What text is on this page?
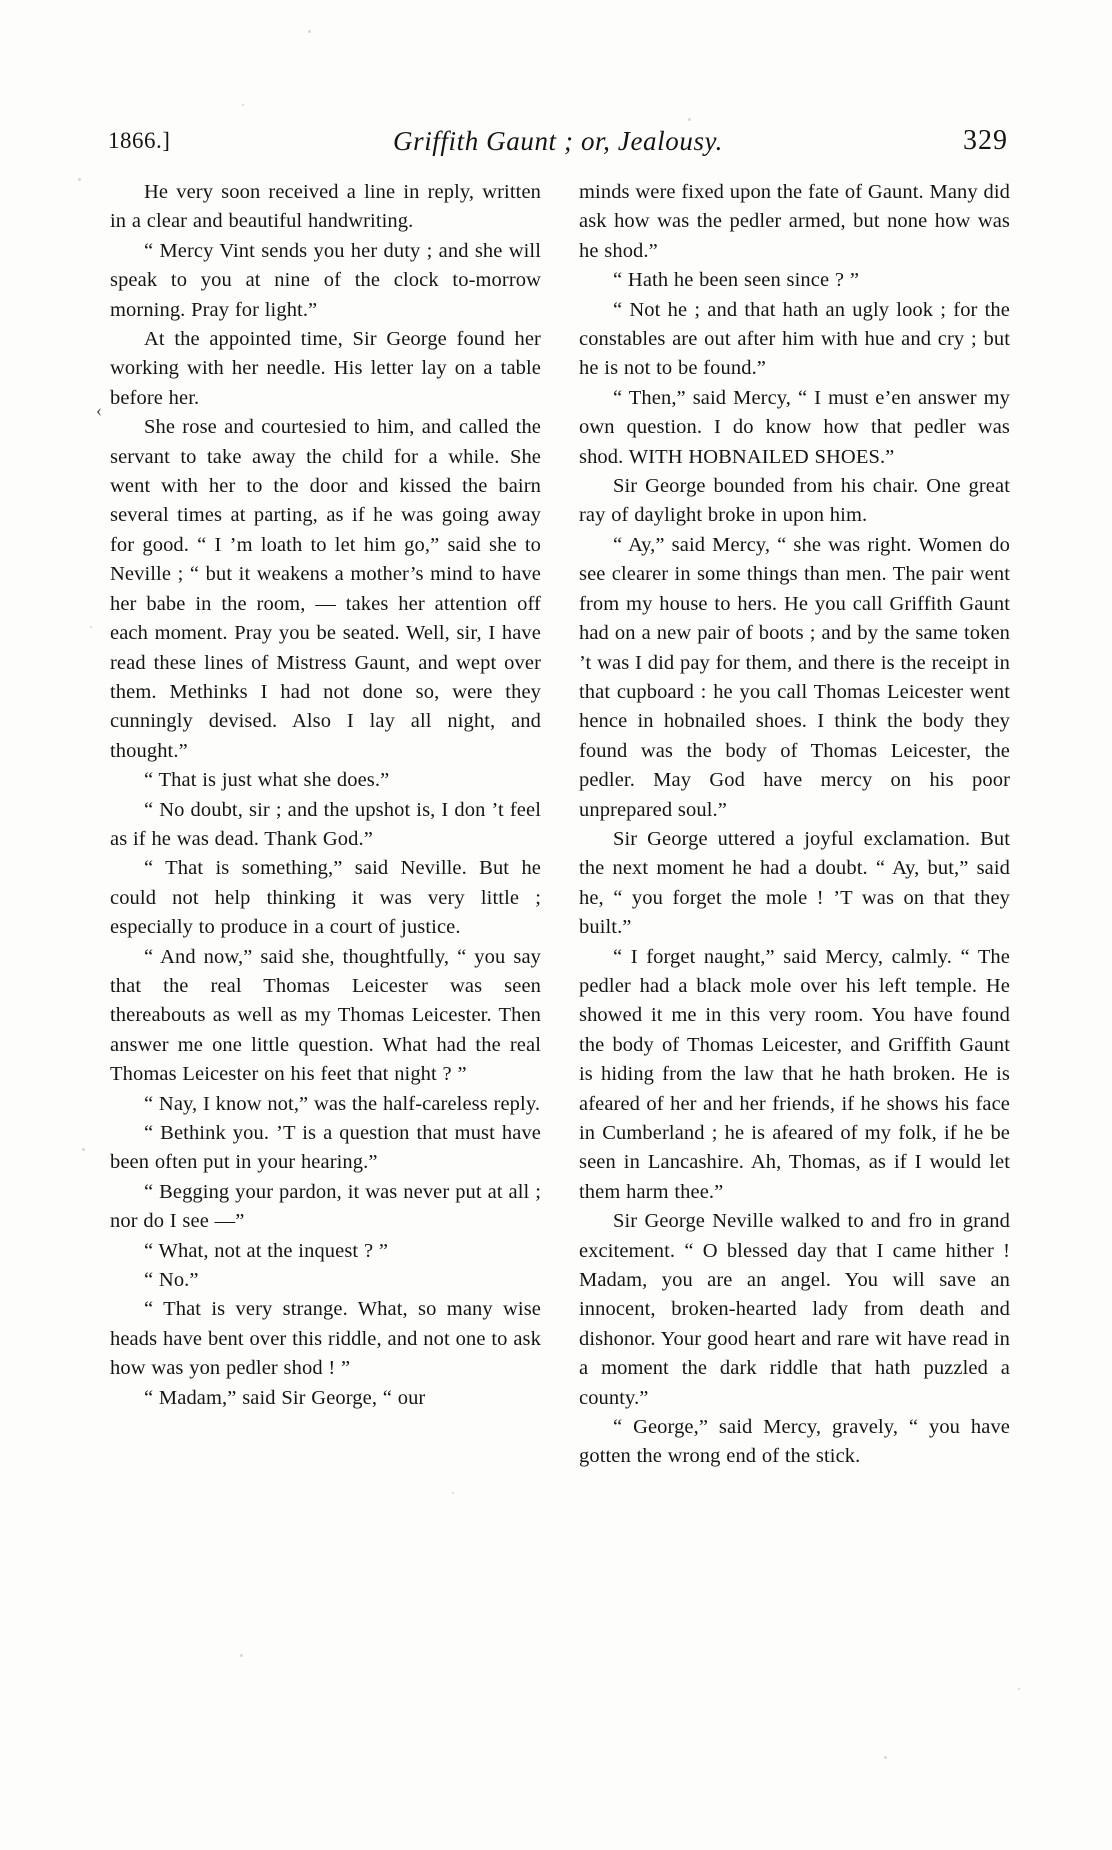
1866.]	Griffith Gaunt ; or, Jealousy.	329
‹

He very soon received a line in reply, written in a clear and beautiful handwriting.

“ Mercy Vint sends you her duty ; and she will speak to you at nine of the clock to-morrow morning. Pray for light.”

At the appointed time, Sir George found her working with her needle. His letter lay on a table before her.

She rose and courtesied to him, and called the servant to take away the child for a while. She went with her to the door and kissed the bairn several times at parting, as if he was going away for good. “ I ’m loath to let him go,” said she to Neville ; “ but it weakens a mother’s mind to have her babe in the room, — takes her attention off each moment. Pray you be seated. Well, sir, I have read these lines of Mistress Gaunt, and wept over them. Methinks I had not done so, were they cunningly devised. Also I lay all night, and thought.”

“ That is just what she does.”

“ No doubt, sir ; and the upshot is, I don ’t feel as if he was dead. Thank God.”

“ That is something,” said Neville. But he could not help thinking it was very little ; especially to produce in a court of justice.

“ And now,” said she, thoughtfully, “ you say that the real Thomas Leicester was seen thereabouts as well as my Thomas Leicester. Then answer me one little question. What had the real Thomas Leicester on his feet that night ? ”

“ Nay, I know not,” was the half-careless reply.

“ Bethink you. ’T is a question that must have been often put in your hearing.”

“ Begging your pardon, it was never put at all ; nor do I see —”

“ What, not at the inquest ? ”

“ No.”

“ That is very strange. What, so many wise heads have bent over this riddle, and not one to ask how was yon pedler shod ! ”

“ Madam,” said Sir George, “ our

minds were fixed upon the fate of Gaunt. Many did ask how was the pedler armed, but none how was he shod.”

“ Hath he been seen since ? ”

“ Not he ; and that hath an ugly look ; for the constables are out after him with hue and cry ; but he is not to be found.”

“ Then,” said Mercy, “ I must e’en answer my own question. I do know how that pedler was shod. WITH HOBNAILED SHOES.”

Sir George bounded from his chair. One great ray of daylight broke in upon him.

“ Ay,” said Mercy, “ she was right. Women do see clearer in some things than men. The pair went from my house to hers. He you call Griffith Gaunt had on a new pair of boots ; and by the same token ’t was I did pay for them, and there is the receipt in that cupboard : he you call Thomas Leicester went hence in hobnailed shoes. I think the body they found was the body of Thomas Leicester, the pedler. May God have mercy on his poor unprepared soul.”

Sir George uttered a joyful exclamation. But the next moment he had a doubt. “ Ay, but,” said he, “ you forget the mole ! ’T was on that they built.”

“ I forget naught,” said Mercy, calmly. “ The pedler had a black mole over his left temple. He showed it me in this very room. You have found the body of Thomas Leicester, and Griffith Gaunt is hiding from the law that he hath broken. He is afeared of her and her friends, if he shows his face in Cumberland ; he is afeared of my folk, if he be seen in Lancashire. Ah, Thomas, as if I would let them harm thee.”

Sir George Neville walked to and fro in grand excitement. “ O blessed day that I came hither ! Madam, you are an angel. You will save an innocent, broken-hearted lady from death and dishonor. Your good heart and rare wit have read in a moment the dark riddle that hath puzzled a county.”

“ George,” said Mercy, gravely, “ you have gotten the wrong end of the stick.
